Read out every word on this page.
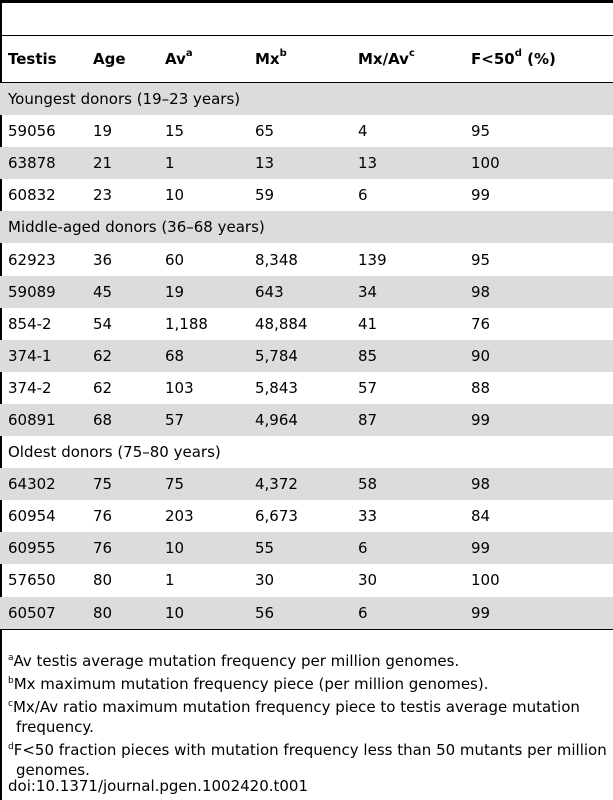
Testis	Age	Av$^a$	Mx$^b$	Mx/Av$^c$	$F<50^d$ (%)
Youngest donors (19–23 years)					
59056	19	15	65	4	95
63878	21	1	13	13	100
60832	23	10	59	6	99
Middle-aged donors (36–68 years)					
62923	36	60	8,348	139	95
59089	45	19	643	34	98
854-2	54	1,188	48,884	41	76
374-1	62	68	5,784	85	90
374-2	62	103	5,843	57	88
60891	68	57	4,964	87	99
Oldest donors (75–80 years)					
64302	75	75	4,372	58	98
60954	76	203	6,673	33	84
60955	76	10	55	6	99
57650	80	1	30	30	100
60507	80	10	56	6	99
$^a$Av testis average mutation frequency per million genomes.
$^b$Mx maximum mutation frequency piece (per million genomes).
$^c$Mx/Av ratio maximum mutation frequency piece to testis average mutation
frequency.
$^d$F<50 fraction pieces with mutation frequency less than 50 mutants per million
genomes.
doi:10.1371/journal.pgen.1002420.t001
